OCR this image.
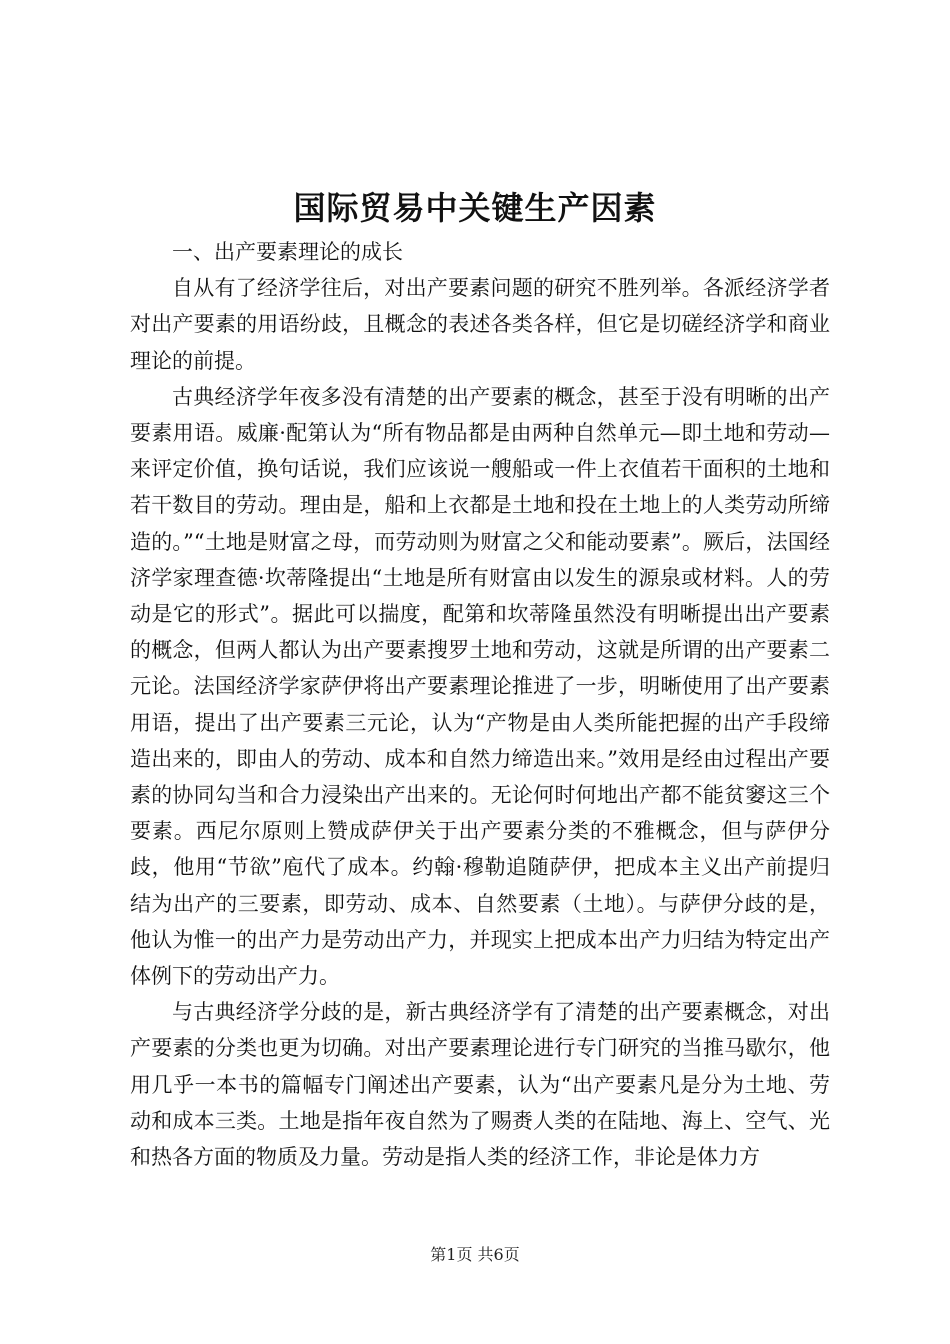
国际贸易中关键生产因素

一、出产要素理论的成长

自从有了经济学往后，对出产要素问题的研究不胜列举。各派经济学者对出产要素的用语纷歧，且概念的表述各类各样，但它是切磋经济学和商业理论的前提。

古典经济学年夜多没有清楚的出产要素的概念，甚至于没有明晰的出产要素用语。威廉·配第认为“所有物品都是由两种自然单元—即土地和劳动—来评定价值，换句话说，我们应该说一艘船或一件上衣值若干面积的土地和若干数目的劳动。理由是，船和上衣都是土地和投在土地上的人类劳动所缔造的。”“土地是财富之母，而劳动则为财富之父和能动要素”。厥后，法国经济学家理查德·坎蒂隆提出“土地是所有财富由以发生的源泉或材料。人的劳动是它的形式”。据此可以揣度，配第和坎蒂隆虽然没有明晰提出出产要素的概念，但两人都认为出产要素搜罗土地和劳动，这就是所谓的出产要素二元论。法国经济学家萨伊将出产要素理论推进了一步，明晰使用了出产要素用语，提出了出产要素三元论，认为“产物是由人类所能把握的出产手段缔造出来的，即由人的劳动、成本和自然力缔造出来。”效用是经由过程出产要素的协同勾当和合力浸染出产出来的。无论何时何地出产都不能贫窭这三个要素。西尼尔原则上赞成萨伊关于出产要素分类的不雅概念，但与萨伊分歧，他用“节欲”庖代了成本。约翰·穆勒追随萨伊，把成本主义出产前提归结为出产的三要素，即劳动、成本、自然要素（土地）。与萨伊分歧的是，他认为惟一的出产力是劳动出产力，并现实上把成本出产力归结为特定出产体例下的劳动出产力。

与古典经济学分歧的是，新古典经济学有了清楚的出产要素概念，对出产要素的分类也更为切确。对出产要素理论进行专门研究的当推马歇尔，他用几乎一本书的篇幅专门阐述出产要素，认为“出产要素凡是分为土地、劳动和成本三类。土地是指年夜自然为了赐赉人类的在陆地、海上、空气、光和热各方面的物质及力量。劳动是指人类的经济工作，非论是体力方

第1页 共6页
